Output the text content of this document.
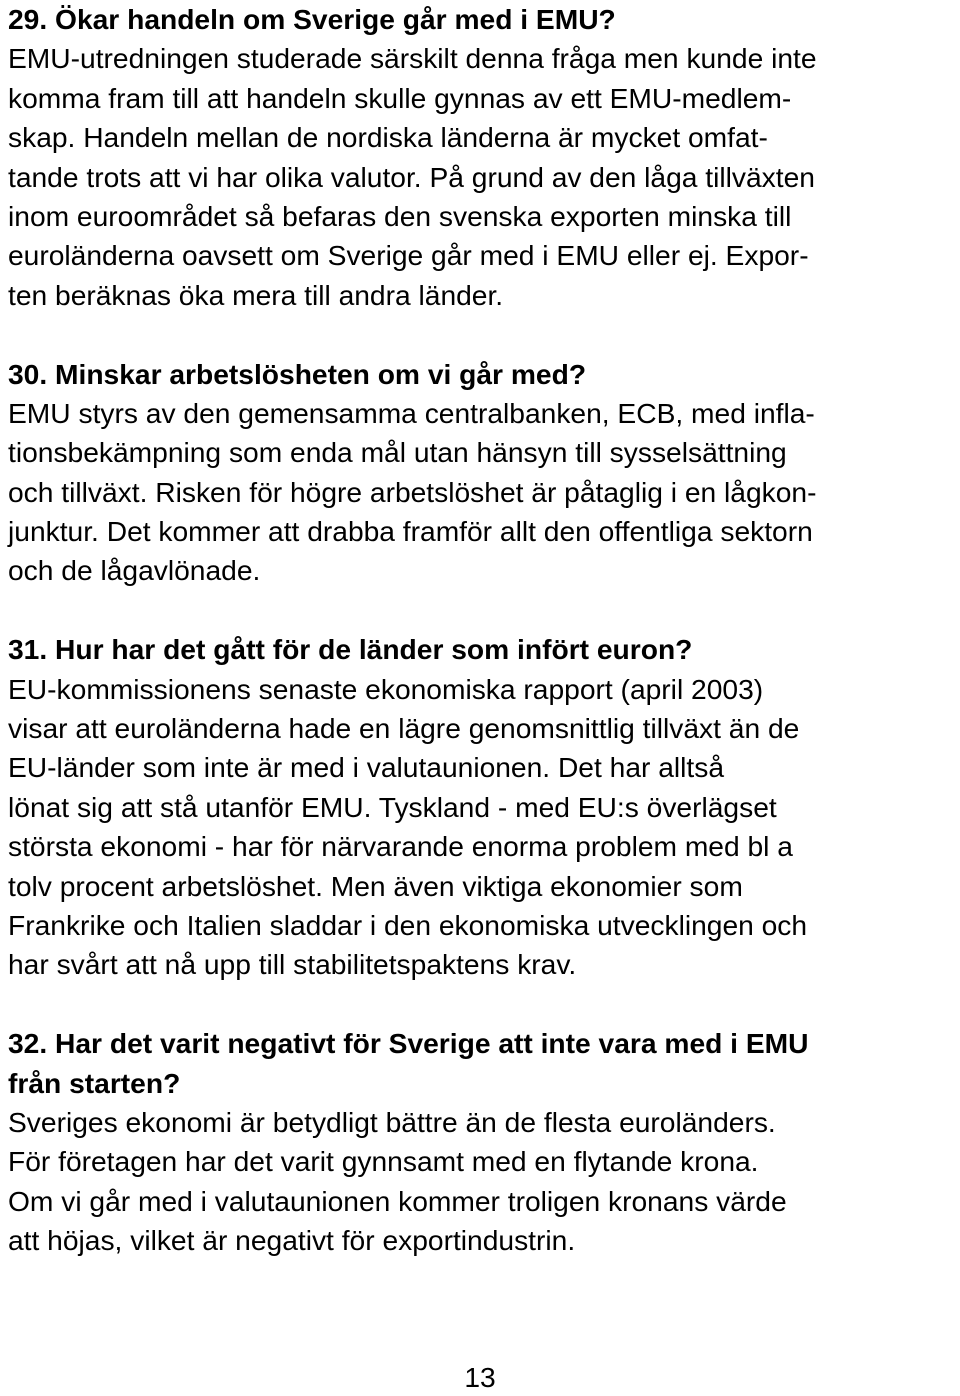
29. Ökar handeln om Sverige går med i EMU?
EMU-utredningen studerade särskilt denna fråga men kunde inte
komma fram till att handeln skulle gynnas av ett EMU-medlem-
skap. Handeln mellan de nordiska länderna är mycket omfat-
tande trots att vi har olika valutor. På grund av den låga tillväxten
inom euroområdet så befaras den svenska exporten minska till
euroländerna oavsett om Sverige går med i EMU eller ej. Expor-
ten beräknas öka mera till andra länder.
30. Minskar arbetslösheten om vi går med?
EMU styrs av den gemensamma centralbanken, ECB, med infla-
tionsbekämpning som enda mål utan hänsyn till sysselsättning
och tillväxt. Risken för högre arbetslöshet är påtaglig i en lågkon-
junktur. Det kommer att drabba framför allt den offentliga sektorn
och de lågavlönade.
31. Hur har det gått för de länder som infört euron?
EU-kommissionens senaste ekonomiska rapport (april 2003)
visar att euroländerna hade en lägre genomsnittlig tillväxt än de
EU-länder som inte är med i valutaunionen. Det har alltså
lönat sig att stå utanför EMU. Tyskland - med EU:s överlägset
största ekonomi - har för närvarande enorma problem med bl a
tolv procent arbetslöshet. Men även viktiga ekonomier som
Frankrike och Italien sladdar i den ekonomiska utvecklingen och
har svårt att nå upp till stabilitetspaktens krav.
32. Har det varit negativt för Sverige att inte vara med i EMU
från starten?
Sveriges ekonomi är betydligt bättre än de flesta euroländers.
För företagen har det varit gynnsamt med en flytande krona.
Om vi går med i valutaunionen kommer troligen kronans värde
att höjas, vilket är negativt för exportindustrin.
13
